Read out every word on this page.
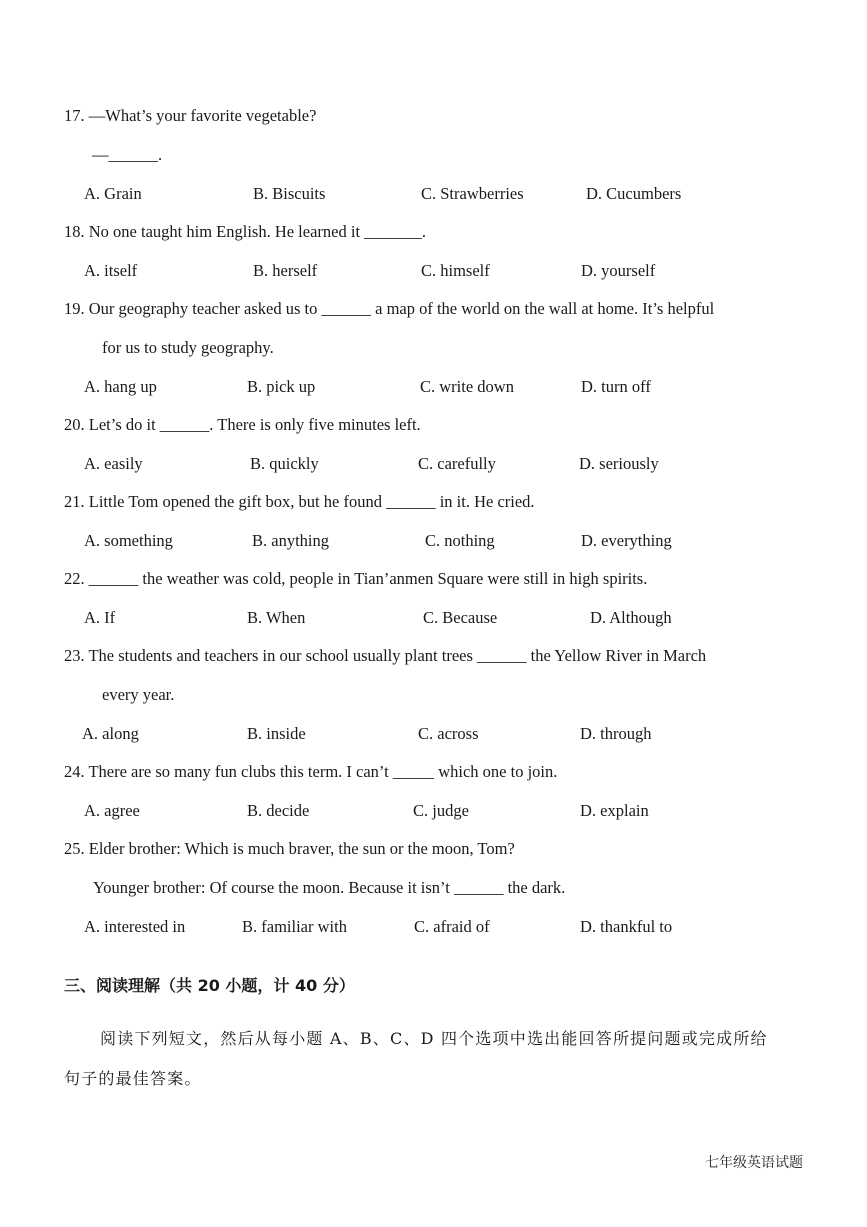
17. —What’s your favorite vegetable?
—______.
A. Grain	B. Biscuits	C. Strawberries	D. Cucumbers
18. No one taught him English. He learned it _______.
A. itself	B. herself	C. himself	D. yourself
19. Our geography teacher asked us to ______ a map of the world on the wall at home. It’s helpful
for us to study geography.
A. hang up	B. pick up	C. write down	D. turn off
20. Let’s do it ______. There is only five minutes left.
A. easily	B. quickly	C. carefully	D. seriously
21. Little Tom opened the gift box, but he found ______ in it. He cried.
A. something	B. anything	C. nothing	D. everything
22. ______ the weather was cold, people in Tian’anmen Square were still in high spirits.
A. If	B. When	C. Because	D. Although
23. The students and teachers in our school usually plant trees ______ the Yellow River in March
every year.
A. along	B. inside	C. across	D. through
24. There are so many fun clubs this term. I can’t _____ which one to join.
A. agree	B. decide	C. judge	D. explain
25. Elder brother: Which is much braver, the sun or the moon, Tom?
Younger brother: Of course the moon. Because it isn’t ______ the dark.
A. interested in	B. familiar with	C. afraid of	D. thankful to
三、阅读理解（共 20 小题，计 40 分）
阅读下列短文，然后从每小题 A、B、C、D 四个选项中选出能回答所提问题或完成所给
句子的最佳答案。
七年级英语试题
